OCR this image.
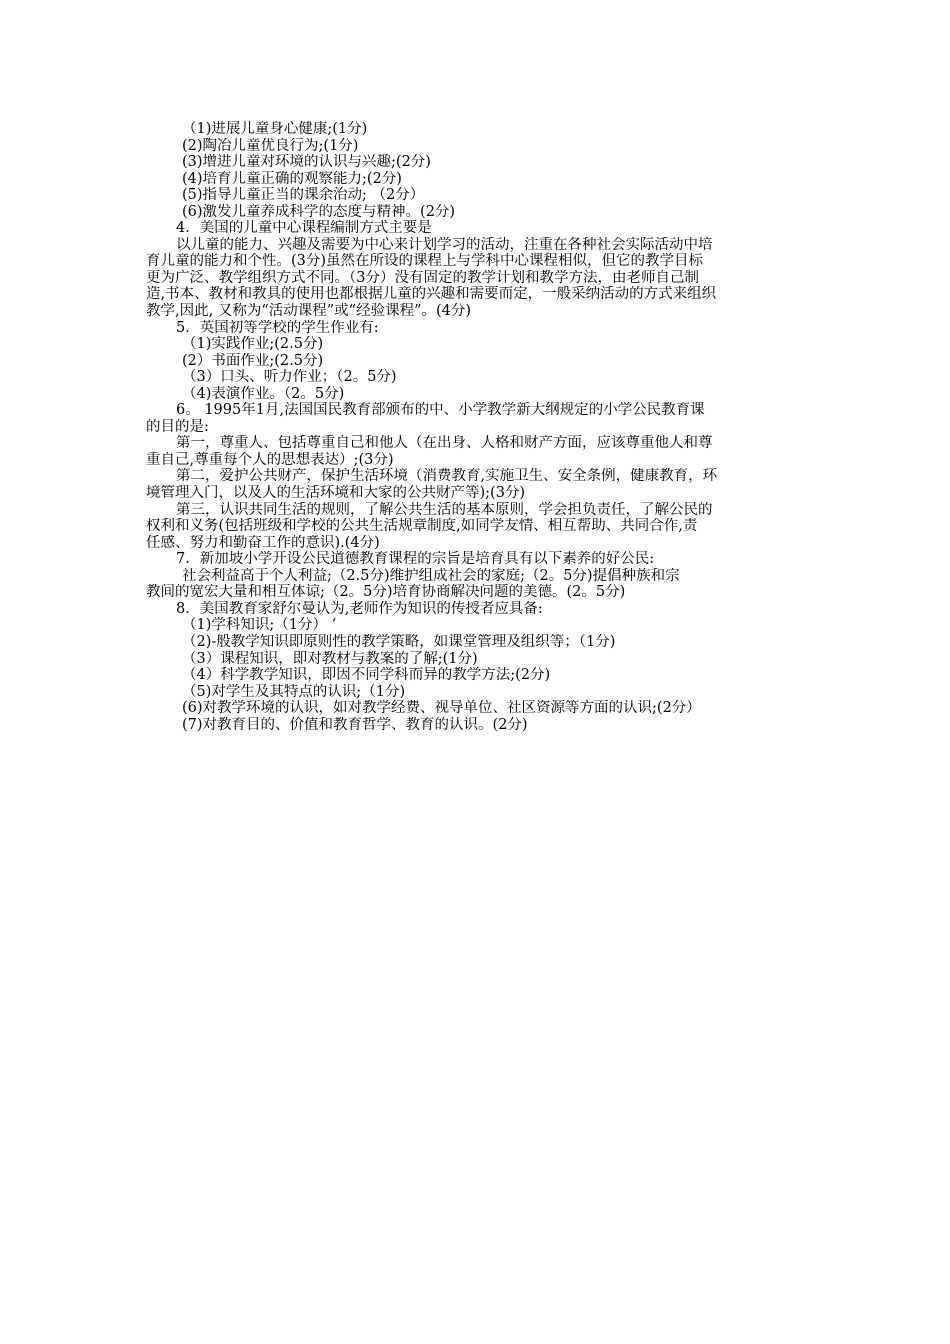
（1)进展儿童身心健康;(1分)
(2)陶冶儿童优良行为;(1分)
(3)增进儿童对环境的认识与兴趣;(2分)
(4)培育儿童正确的观察能力;(2分)
(5)指导儿童正当的课余治动; （2分）
(6)激发儿童养成科学的态度与精神。(2分)
4．美国的儿童中心课程编制方式主要是
以儿童的能力、兴趣及需要为中心来计划学习的活动，注重在各种社会实际活动中培
育儿童的能力和个性。(3分)虽然在所设的课程上与学科中心课程相似，但它的教学目标
更为广泛、教学组织方式不同。（3分）没有固定的教学计划和教学方法，由老师自己制
造,书本、教材和教具的使用也都根据儿童的兴趣和需要而定，一般采纳活动的方式来组织
教学,因此, 又称为“活动课程”或“经验课程”。(4分)
5．英国初等学校的学生作业有:
（1)实践作业;(2.5分)
(2）书面作业;(2.5分)
（3）口头、听力作业；（2。5分)
（4)表演作业。（2。5分)
6。 1995年1月,法国国民教育部颁布的中、小学教学新大纲规定的小学公民教育课
的目的是:
第一，尊重人、包括尊重自己和他人（在出身、人格和财产方面，应该尊重他人和尊
重自己,尊重每个人的思想表达）;(3分)
第二，爱护公共财产，保护生活环境（消费教育,实施卫生、安全条例，健康教育，环
境管理入门，以及人的生活环境和大家的公共财产等);(3分)
第三，认识共同生活的规则，了解公共生活的基本原则，学会担负责任，了解公民的
权利和义务(包括班级和学校的公共生活规章制度,如同学友情、相互帮助、共同合作,责
任感、努力和勤奋工作的意识).(4分)
7．新加坡小学开设公民道德教育课程的宗旨是培育具有以下素养的好公民:
社会利益高于个人利益;（2.5分)维护组成社会的家庭;（2。5分)提倡种族和宗
教间的宽宏大量和相互体谅;（2。5分)培育协商解决问题的美德。(2。5分)
8．美国教育家舒尔曼认为,老师作为知识的传授者应具备:
（1)学科知识;（1分） ‘
（2)-般教学知识即原则性的教学策略，如课堂管理及组织等；（1分)
（3）课程知识，即对教材与教案的了解;(1分)
（4）科学教学知识，即因不同学科而异的教学方法;(2分)
（5)对学生及其特点的认识;（1分)
(6)对教学环境的认识，如对教学经费、视导单位、社区资源等方面的认识;(2分）
(7)对教育目的、价值和教育哲学、教育的认识。(2分)
